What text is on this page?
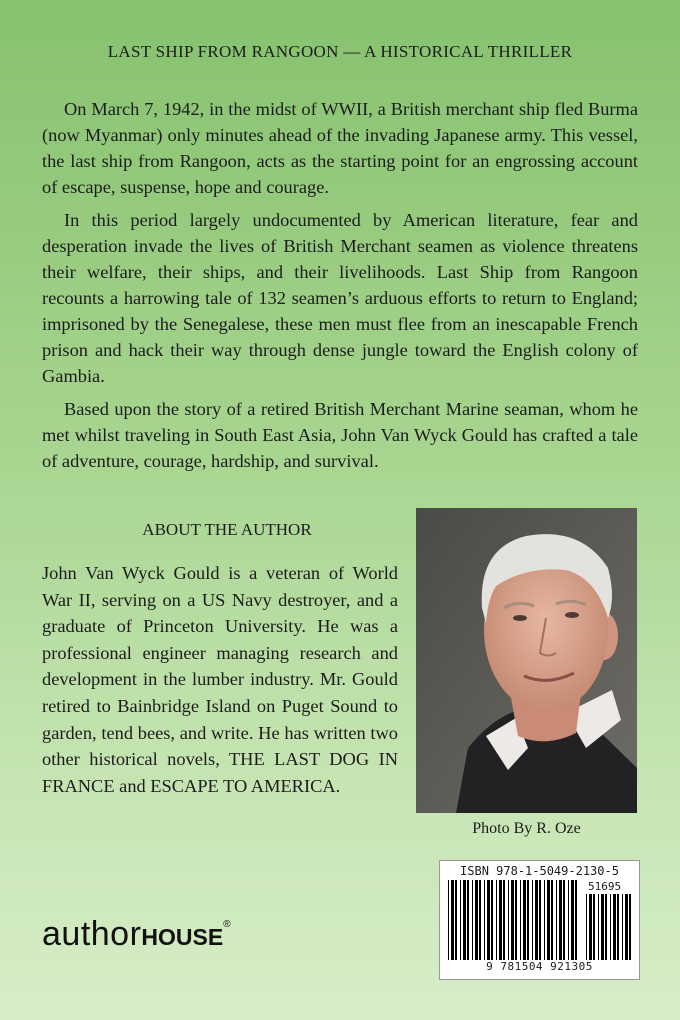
LAST SHIP FROM RANGOON — A HISTORICAL THRILLER

On March 7, 1942, in the midst of WWII, a British merchant ship fled Burma (now Myanmar) only minutes ahead of the invading Japanese army. This vessel, the last ship from Rangoon, acts as the starting point for an engrossing account of escape, suspense, hope and courage.

In this period largely undocumented by American literature, fear and desperation invade the lives of British Merchant seamen as violence threatens their welfare, their ships, and their livelihoods. Last Ship from Rangoon recounts a harrowing tale of 132 seamen’s arduous efforts to return to England; imprisoned by the Senegalese, these men must flee from an inescapable French prison and hack their way through dense jungle toward the English colony of Gambia.

Based upon the story of a retired British Merchant Marine seaman, whom he met whilst traveling in South East Asia, John Van Wyck Gould has crafted a tale of adventure, courage, hardship, and survival.

ABOUT THE AUTHOR

John Van Wyck Gould is a veteran of World War II, serving on a US Navy destroyer, and a graduate of Princeton University. He was a professional engineer managing research and development in the lumber industry. Mr. Gould retired to Bainbridge Island on Puget Sound to garden, tend bees, and write. He has written two other historical novels, THE LAST DOG IN FRANCE and ESCAPE TO AMERICA.

Photo By R. Oze
authorHOUSE®
ISBN 978-1-5049-2130-5
51695
9 781504 921305
